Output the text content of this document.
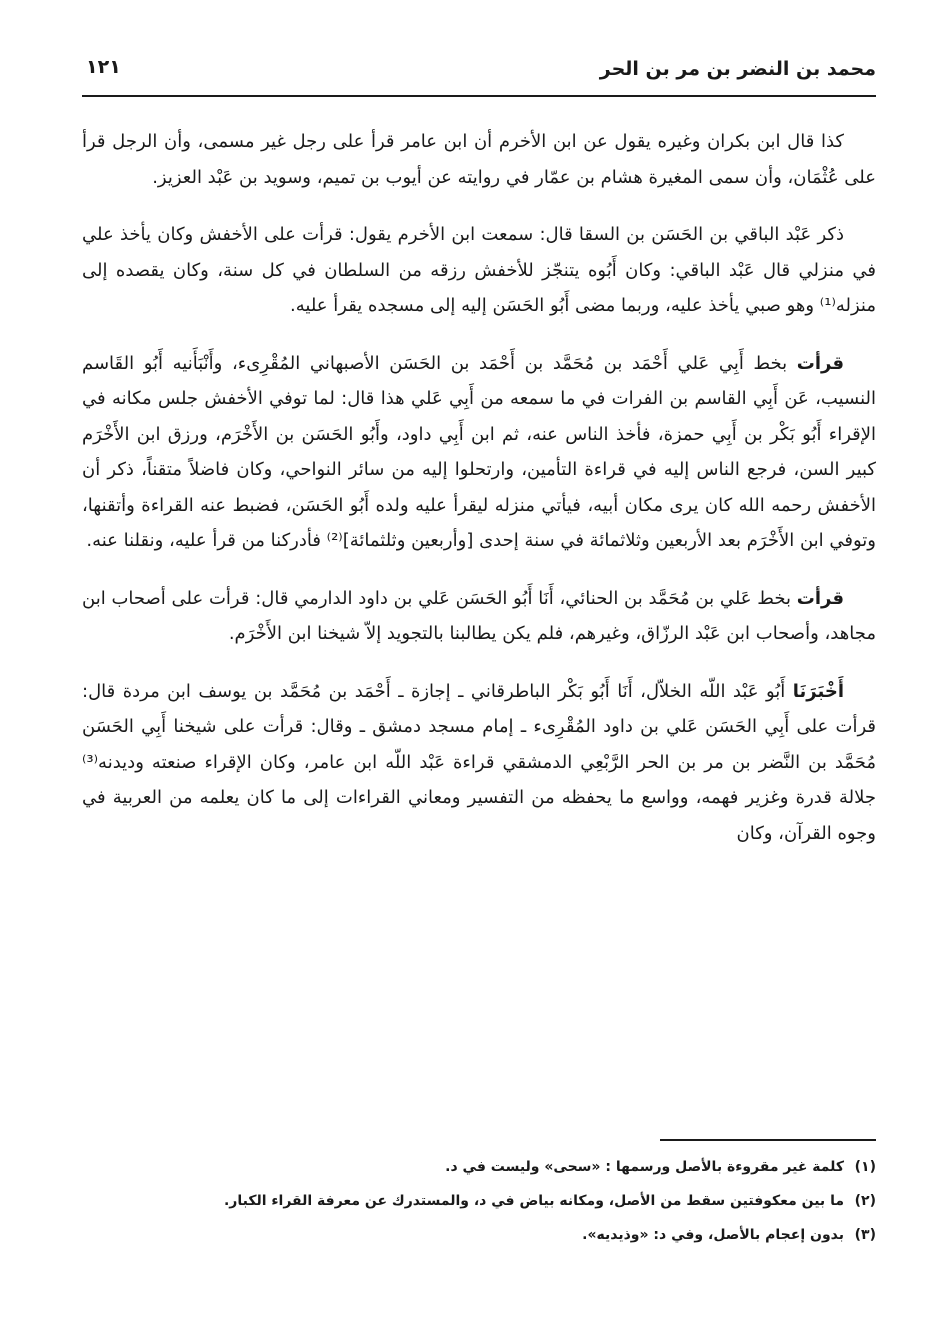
محمد بن النضر بن مر بن الحر
١٢١

كذا قال ابن بكران وغيره يقول عن ابن الأخرم أن ابن عامر قرأ على رجل غير مسمى، وأن الرجل قرأ على عُثْمَان، وأن سمى المغيرة هشام بن عمّار في روايته عن أيوب بن تميم، وسويد بن عَبْد العزيز.

ذكر عَبْد الباقي بن الحَسَن بن السقا قال: سمعت ابن الأخرم يقول: قرأت على الأخفش وكان يأخذ علي في منزلي قال عَبْد الباقي: وكان أَبُوه يتنجّز للأخفش رزقه من السلطان في كل سنة، وكان يقصده إلى منزله⁽¹⁾ وهو صبي يأخذ عليه، وربما مضى أَبُو الحَسَن إليه إلى مسجده يقرأ عليه.

قرأت بخط أَبِي عَلي أَحْمَد بن مُحَمَّد بن أَحْمَد بن الحَسَن الأصبهاني المُقْرِىء، وأَنْبَأَنيه أَبُو القَاسم النسيب، عَن أَبِي القاسم بن الفرات في ما سمعه من أَبِي عَلي هذا قال: لما توفي الأخفش جلس مكانه في الإقراء أَبُو بَكْر بن أَبِي حمزة، فأخذ الناس عنه، ثم ابن أَبِي داود، وأَبُو الحَسَن بن الأَخْرَم، ورزق ابن الأَخْرَم كبير السن، فرجع الناس إليه في قراءة التأمين، وارتحلوا إليه من سائر النواحي، وكان فاضلاً متقناً، ذكر أن الأخفش رحمه الله كان يرى مكان أبيه، فيأتي منزله ليقرأ عليه ولده أَبُو الحَسَن، فضبط عنه القراءة وأتقنها، وتوفي ابن الأَخْرَم بعد الأربعين وثلاثمائة في سنة إحدى [وأربعين وثلثمائة]⁽²⁾ فأدركنا من قرأ عليه، ونقلنا عنه.

قرأت بخط عَلي بن مُحَمَّد بن الحنائي، أَنَا أَبُو الحَسَن عَلي بن داود الدارمي قال: قرأت على أصحاب ابن مجاهد، وأصحاب ابن عَبْد الرزّاق، وغيرهم، فلم يكن يطالبنا بالتجويد إلاّ شيخنا ابن الأَخْرَم.

أَخْبَرَنَا أَبُو عَبْد اللّه الخلاّل، أَنَا أَبُو بَكْر الباطرقاني ـ إجازة ـ أَحْمَد بن مُحَمَّد بن يوسف ابن مردة قال: قرأت على أَبِي الحَسَن عَلي بن داود المُقْرِىء ـ إمام مسجد دمشق ـ وقال: قرأت على شيخنا أَبِي الحَسَن مُحَمَّد بن النَّضر بن مر بن الحر الرَّبْعِي الدمشقي قراءة عَبْد اللّه ابن عامر، وكان الإقراء صنعته وديدنه⁽³⁾ جلالة قدرة وغزير فهمه، وواسع ما يحفظه من التفسير ومعاني القراءات إلى ما كان يعلمه من العربية في وجوه القرآن، وكان

(١)كلمة غير مقروءة بالأصل ورسمها : «سحى» وليست في د.
(٢)ما بين معكوفتين سقط من الأصل، ومكانه بياض في د، والمستدرك عن معرفة القراء الكبار.
(٣)بدون إعجام بالأصل، وفي د: «وذيديه».
